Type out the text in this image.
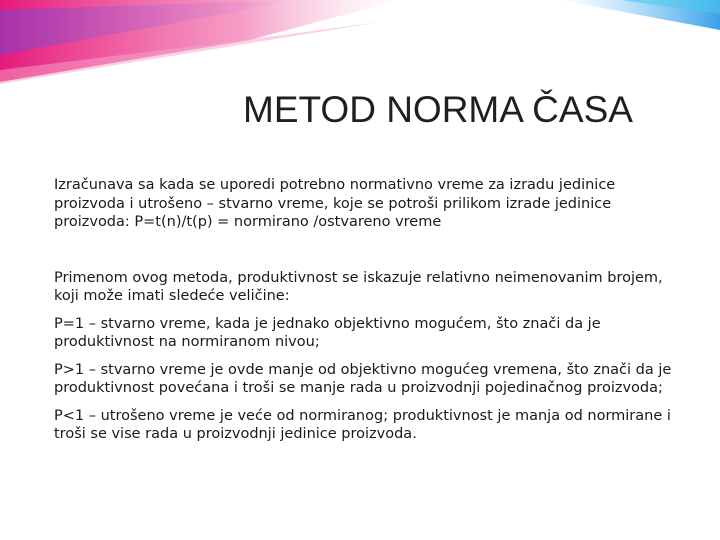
METOD NORMA ČASA

Izračunava sa kada se uporedi potrebno normativno vreme za izradu jedinice proizvoda i utrošeno – stvarno vreme, koje se potroši prilikom izrade jedinice proizvoda: P=t(n)/t(p) = normirano /ostvareno vreme

Primenom ovog metoda, produktivnost se iskazuje relativno neimenovanim brojem, koji može imati sledeće veličine:

P=1 – stvarno vreme, kada je jednako objektivno mogućem, što znači da je produktivnost na normiranom nivou;

P>1 – stvarno vreme je ovde manje od objektivno mogućeg vremena, što znači da je produktivnost povećana i troši se manje rada u proizvodnji pojedinačnog proizvoda;

P<1 – utrošeno vreme je veće od normiranog; produktivnost je manja od normirane i troši se vise rada u proizvodnji jedinice proizvoda.
